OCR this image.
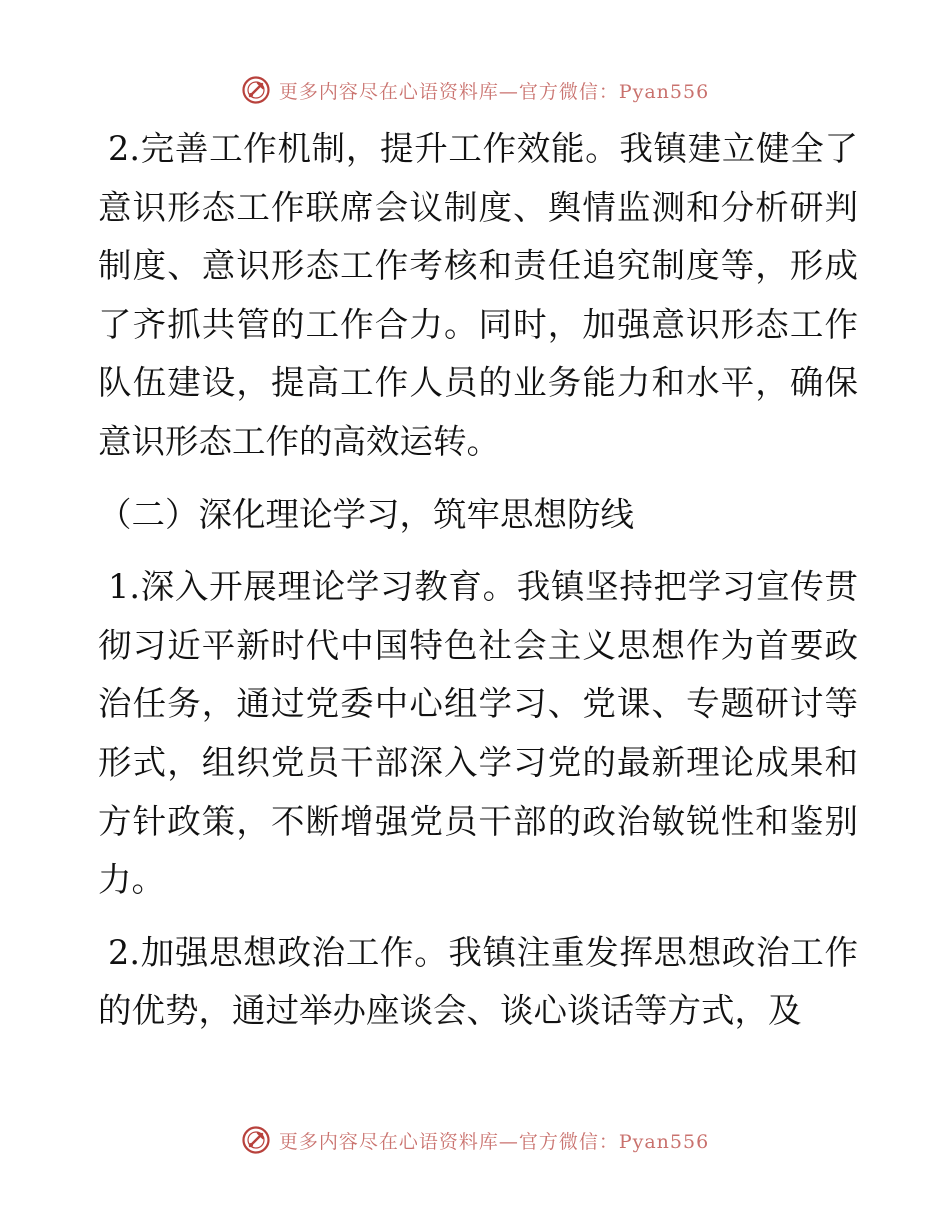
更多内容尽在心语资料库—官方微信：Pyan556

2.完善工作机制，提升工作效能。我镇建立健全了意识形态工作联席会议制度、舆情监测和分析研判制度、意识形态工作考核和责任追究制度等，形成了齐抓共管的工作合力。同时，加强意识形态工作队伍建设，提高工作人员的业务能力和水平，确保意识形态工作的高效运转。

（二）深化理论学习，筑牢思想防线

1.深入开展理论学习教育。我镇坚持把学习宣传贯彻习近平新时代中国特色社会主义思想作为首要政治任务，通过党委中心组学习、党课、专题研讨等形式，组织党员干部深入学习党的最新理论成果和方针政策，不断增强党员干部的政治敏锐性和鉴别力。

2.加强思想政治工作。我镇注重发挥思想政治工作的优势，通过举办座谈会、谈心谈话等方式，及

更多内容尽在心语资料库—官方微信：Pyan556
